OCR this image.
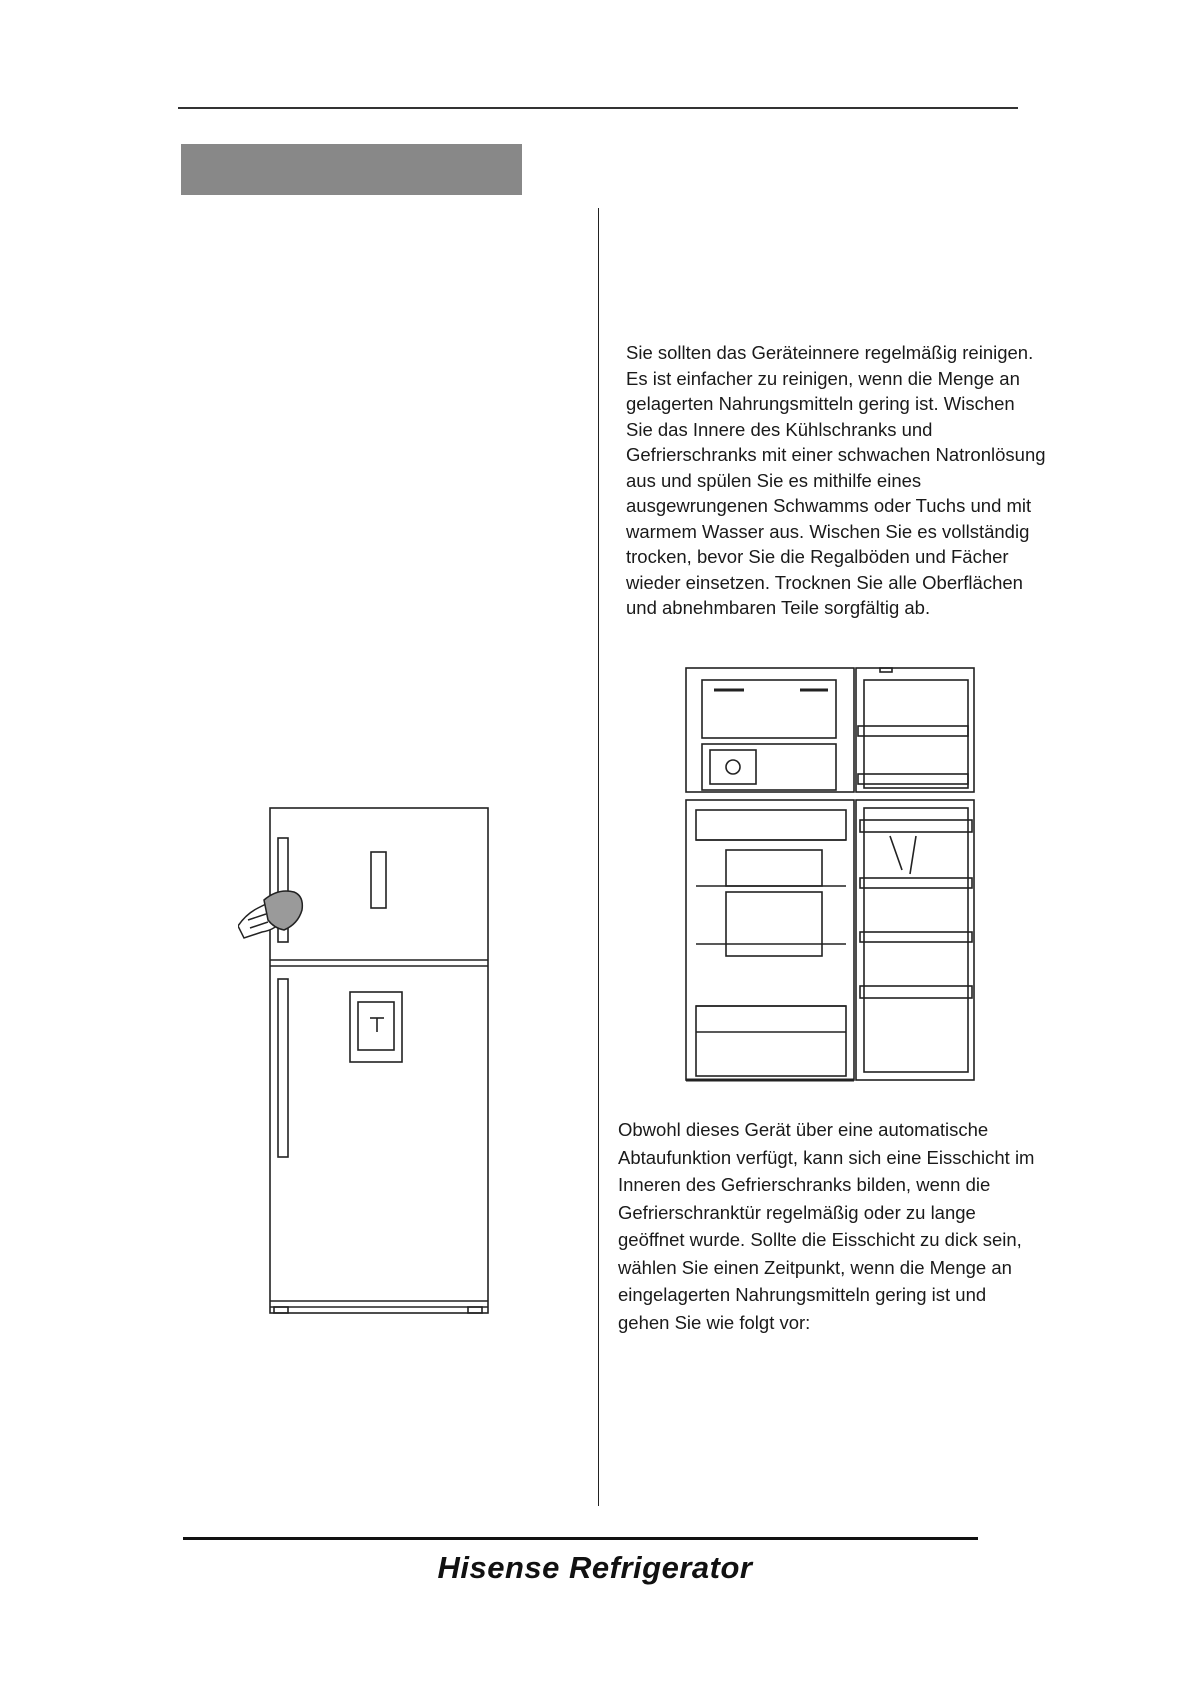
Sie sollten das Geräteinnere regelmäßig reinigen. Es ist einfacher zu reinigen, wenn die Menge an gelagerten Nahrungsmitteln gering ist. Wischen Sie das Innere des Kühlschranks und Gefrierschranks mit einer schwachen Natronlösung aus und spülen Sie es mithilfe eines ausgewrungenen Schwamms oder Tuchs und mit warmem Wasser aus. Wischen Sie es vollständig trocken, bevor Sie die Regalböden und Fächer wieder einsetzen. Trocknen Sie alle Oberflächen und abnehmbaren Teile sorgfältig ab.

Obwohl dieses Gerät über eine automatische Abtaufunktion verfügt, kann sich eine Eisschicht im Inneren des Gefrierschranks bilden, wenn die Gefrierschranktür regelmäßig oder zu lange geöffnet wurde. Sollte die Eisschicht zu dick sein, wählen Sie einen Zeitpunkt, wenn die Menge an eingelagerten Nahrungsmitteln gering ist und gehen Sie wie folgt vor:

Hisense Refrigerator
